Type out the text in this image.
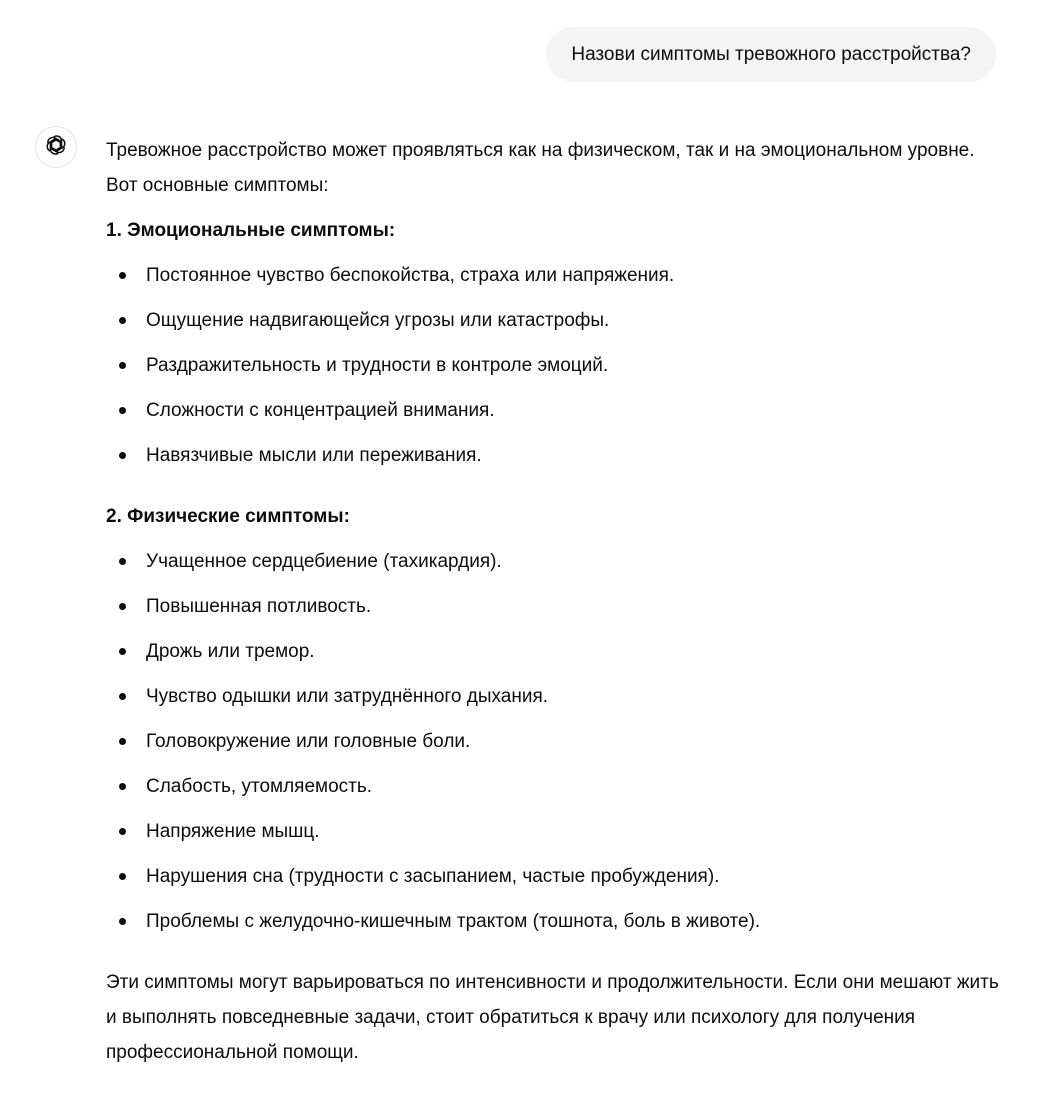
Назови симптомы тревожного расстройства?

Тревожное расстройство может проявляться как на физическом, так и на эмоциональном уровне. Вот основные симптомы:

1. Эмоциональные симптомы:

Постоянное чувство беспокойства, страха или напряжения.
Ощущение надвигающейся угрозы или катастрофы.
Раздражительность и трудности в контроле эмоций.
Сложности с концентрацией внимания.
Навязчивые мысли или переживания.

2. Физические симптомы:

Учащенное сердцебиение (тахикардия).
Повышенная потливость.
Дрожь или тремор.
Чувство одышки или затруднённого дыхания.
Головокружение или головные боли.
Слабость, утомляемость.
Напряжение мышц.
Нарушения сна (трудности с засыпанием, частые пробуждения).
Проблемы с желудочно-кишечным трактом (тошнота, боль в животе).

Эти симптомы могут варьироваться по интенсивности и продолжительности. Если они мешают жить и выполнять повседневные задачи, стоит обратиться к врачу или психологу для получения профессиональной помощи.
